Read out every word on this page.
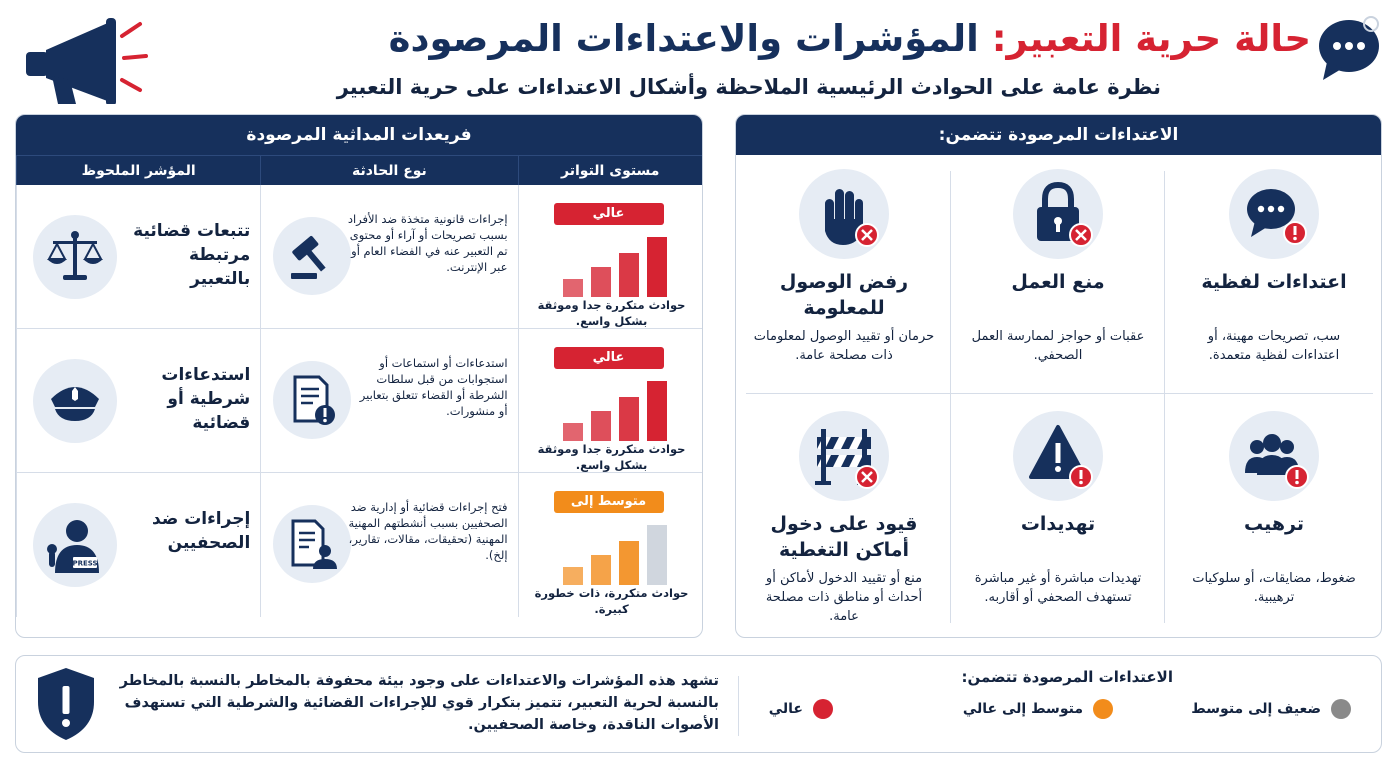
حالة حرية التعبير: المؤشرات والاعتداءات المرصودة
نظرة عامة على الحوادث الرئيسية الملاحظة وأشكال الاعتداءات على حرية التعبير
فريعدات المداثية المرصودة
المؤشر الملحوظ	نوع الحادثة	مستوى التواتر
تتبعات قضائية مرتبطة بالتعبير
إجراءات قانونية متخذة ضد الأفراد بسبب تصريحات أو آراء أو محتوى تم التعبير عنه في الفضاء العام أو عبر الإنترنت.
عالي
حوادث متكررة جدا وموثقة بشكل واسع.
استدعاءات شرطية أو قضائية
استدعاءات أو استماعات أو استجوابات من قبل سلطات الشرطة أو القضاء تتعلق بتعابير أو منشورات.
عالي
حوادث متكررة جدا وموثقة بشكل واسع.
PRESS
إجراءات ضد الصحفيين
فتح إجراءات قضائية أو إدارية ضد الصحفيين بسبب أنشطتهم المهنية المهنية (تحقيقات، مقالات، تقارير، إلخ).
متوسط إلى عالي
حوادث متكررة، ذات خطورة كبيرة.
الاعتداءات المرصودة تتضمن:
اعتداءات لفظية
سب، تصريحات مهينة، أو اعتداءات لفظية متعمدة.
منع العمل
عقبات أو حواجز لممارسة العمل الصحفي.
رفض الوصول للمعلومة
حرمان أو تقييد الوصول لمعلومات ذات مصلحة عامة.
ترهيب
ضغوط، مضايقات، أو سلوكيات ترهيبية.
تهديدات
تهديدات مباشرة أو غير مباشرة تستهدف الصحفي أو أقاربه.
قيود على دخول أماكن التغطية
منع أو تقييد الدخول لأماكن أو أحداث أو مناطق ذات مصلحة عامة.
تشهد هذه المؤشرات والاعتداءات على وجود بيئة محفوفة بالمخاطر بالنسبة بالمخاطر بالنسبة لحرية التعبير، تتميز بتكرار قوي للإجراءات القضائية والشرطية التي تستهدف الأصوات الناقدة، وخاصة الصحفيين.
الاعتداءات المرصودة تتضمن:
ضعيف إلى متوسط
متوسط إلى عالي
عالي
